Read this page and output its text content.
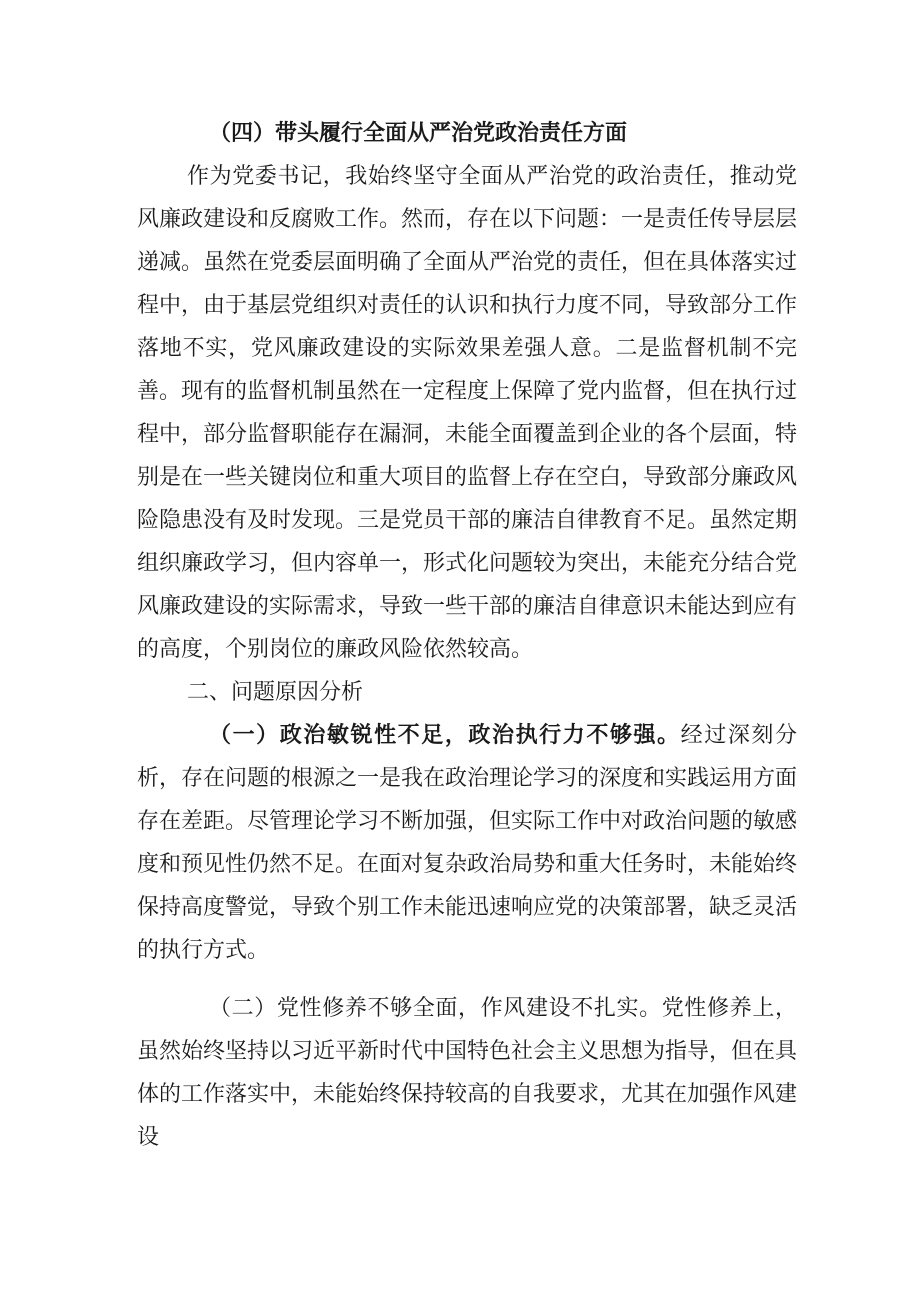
（四）带头履行全面从严治党政治责任方面

作为党委书记，我始终坚守全面从严治党的政治责任，推动党风廉政建设和反腐败工作。然而，存在以下问题：一是责任传导层层递减。虽然在党委层面明确了全面从严治党的责任，但在具体落实过程中，由于基层党组织对责任的认识和执行力度不同，导致部分工作落地不实，党风廉政建设的实际效果差强人意。二是监督机制不完善。现有的监督机制虽然在一定程度上保障了党内监督，但在执行过程中，部分监督职能存在漏洞，未能全面覆盖到企业的各个层面，特别是在一些关键岗位和重大项目的监督上存在空白，导致部分廉政风险隐患没有及时发现。三是党员干部的廉洁自律教育不足。虽然定期组织廉政学习，但内容单一，形式化问题较为突出，未能充分结合党风廉政建设的实际需求，导致一些干部的廉洁自律意识未能达到应有的高度，个别岗位的廉政风险依然较高。

二、问题原因分析

（一）政治敏锐性不足，政治执行力不够强。经过深刻分析，存在问题的根源之一是我在政治理论学习的深度和实践运用方面存在差距。尽管理论学习不断加强，但实际工作中对政治问题的敏感度和预见性仍然不足。在面对复杂政治局势和重大任务时，未能始终保持高度警觉，导致个别工作未能迅速响应党的决策部署，缺乏灵活的执行方式。

（二）党性修养不够全面，作风建设不扎实。党性修养上，虽然始终坚持以习近平新时代中国特色社会主义思想为指导，但在具体的工作落实中，未能始终保持较高的自我要求，尤其在加强作风建设
